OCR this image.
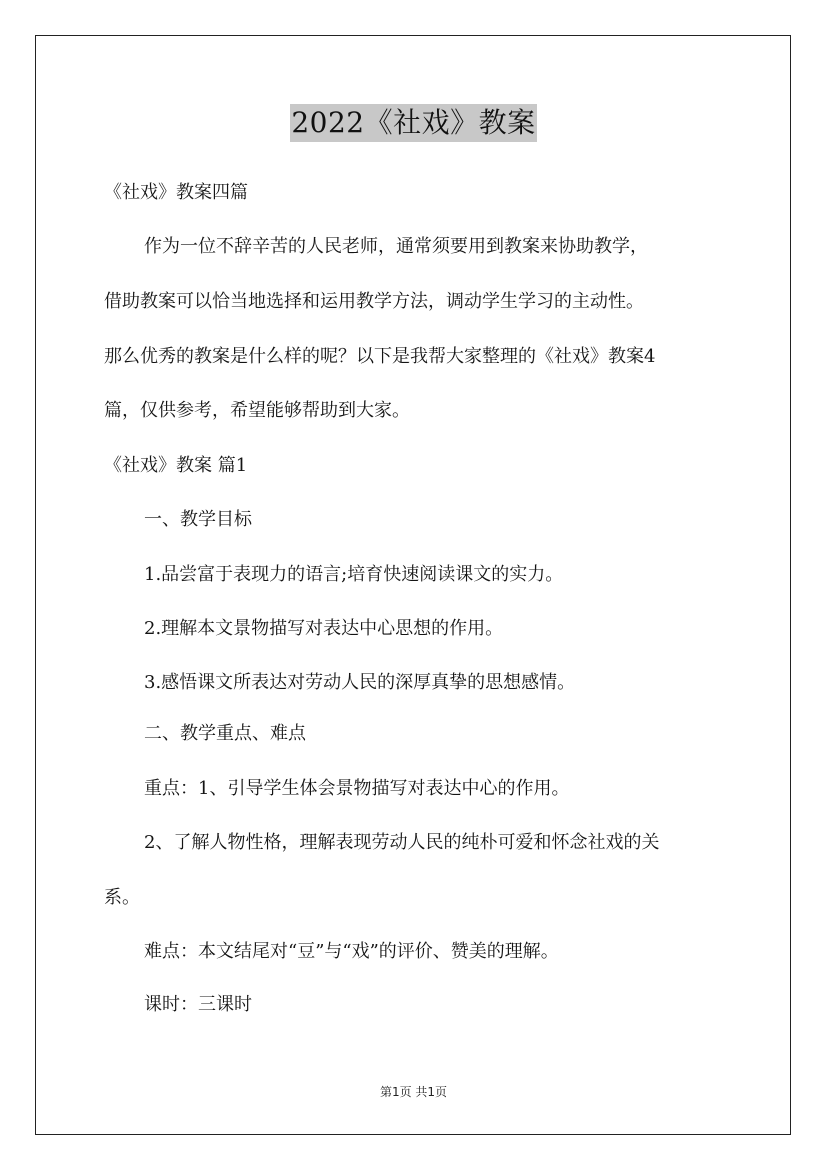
2022《社戏》教案
《社戏》教案四篇
作为一位不辞辛苦的人民老师，通常须要用到教案来协助教学，
借助教案可以恰当地选择和运用教学方法，调动学生学习的主动性。
那么优秀的教案是什么样的呢？以下是我帮大家整理的《社戏》教案4
篇，仅供参考，希望能够帮助到大家。
《社戏》教案 篇1
一、教学目标
1.品尝富于表现力的语言;培育快速阅读课文的实力。
2.理解本文景物描写对表达中心思想的作用。
3.感悟课文所表达对劳动人民的深厚真挚的思想感情。
二、教学重点、难点
重点：1、引导学生体会景物描写对表达中心的作用。
2、了解人物性格，理解表现劳动人民的纯朴可爱和怀念社戏的关
系。
难点：本文结尾对“豆”与“戏”的评价、赞美的理解。
课时：三课时
第1页 共1页
